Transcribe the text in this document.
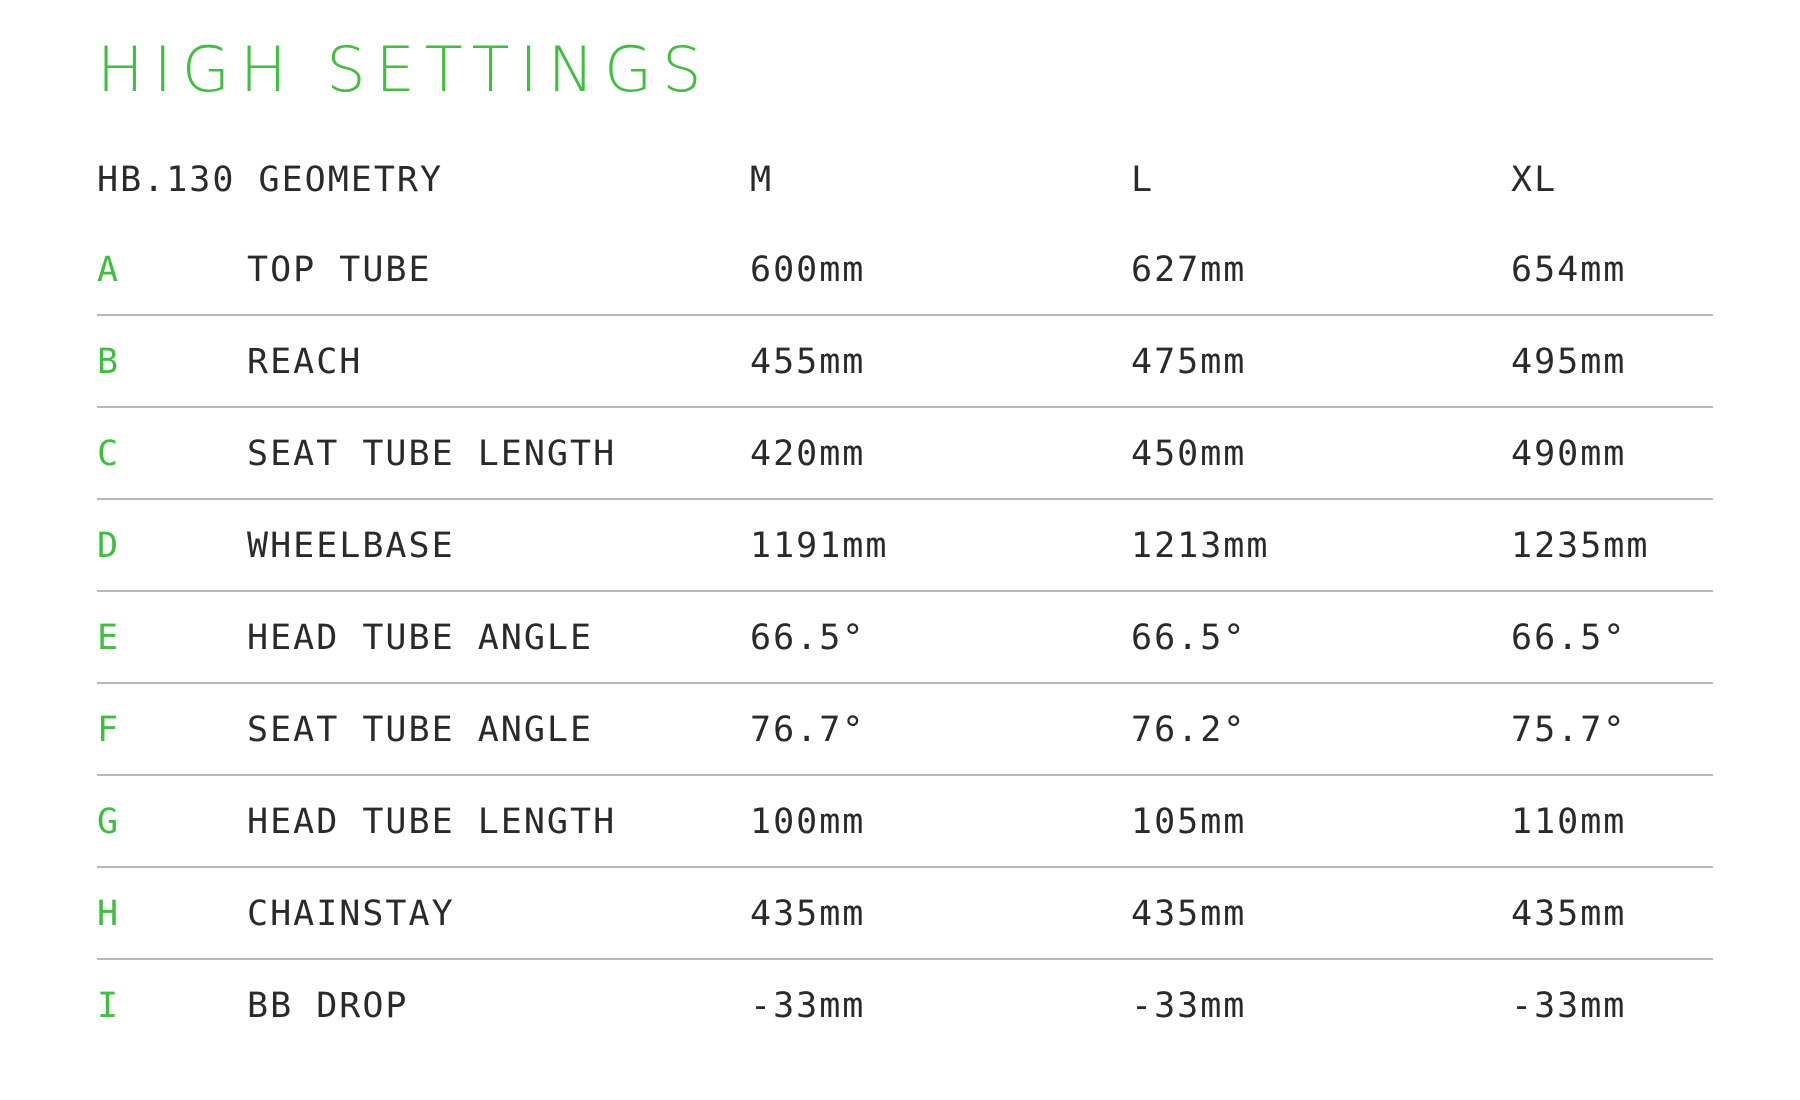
HIGH SETTINGS
HB.130 GEOMETRY	M	L	XL
A	TOP TUBE	600mm	627mm	654mm
B	REACH	455mm	475mm	495mm
C	SEAT TUBE LENGTH	420mm	450mm	490mm
D	WHEELBASE	1191mm	1213mm	1235mm
E	HEAD TUBE ANGLE	66.5°	66.5°	66.5°
F	SEAT TUBE ANGLE	76.7°	76.2°	75.7°
G	HEAD TUBE LENGTH	100mm	105mm	110mm
H	CHAINSTAY	435mm	435mm	435mm
I	BB DROP	-33mm	-33mm	-33mm
